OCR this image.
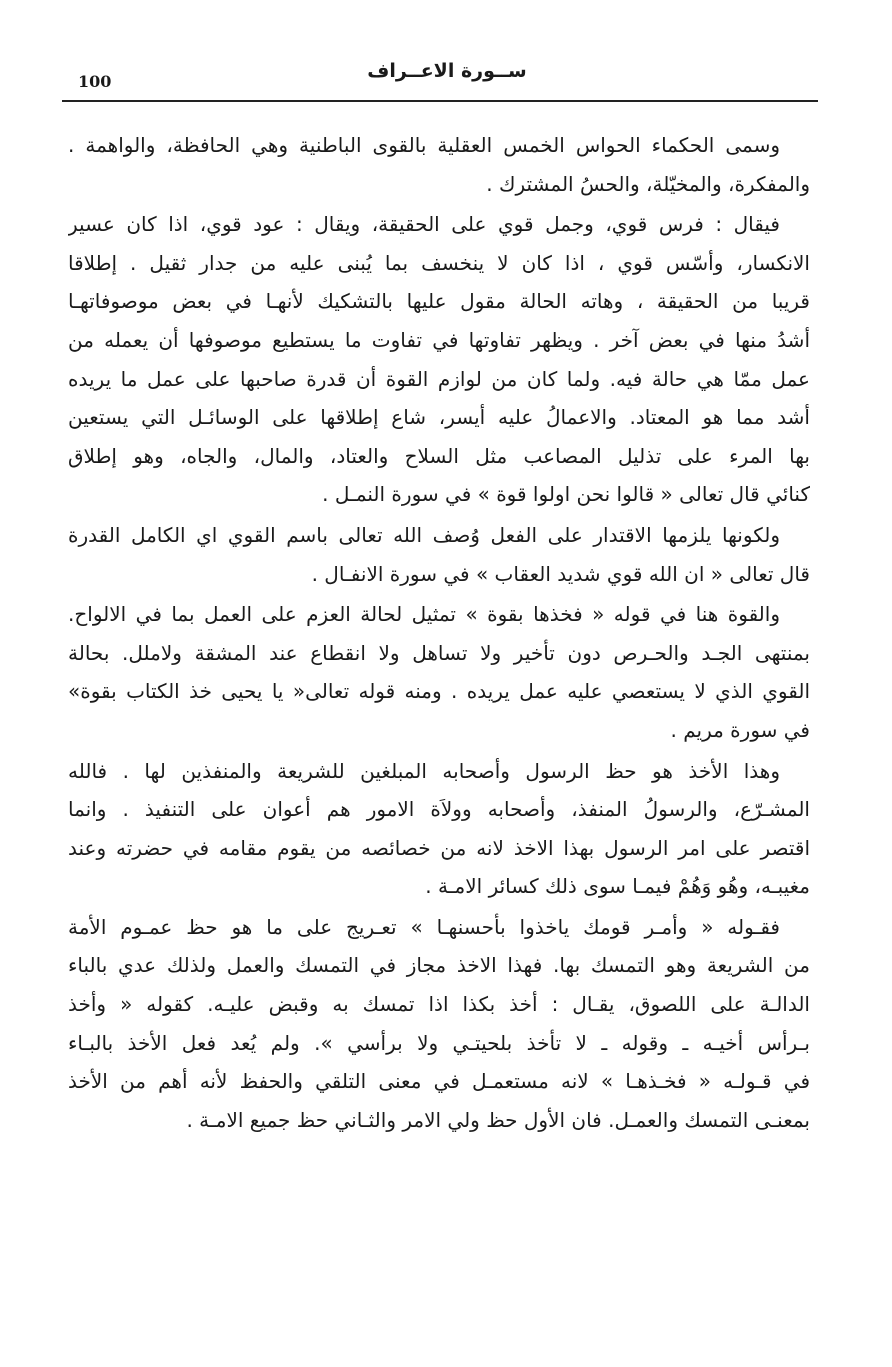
100	ســورة الاعــراف
وسمى الحكماء الحواس الخمس العقلية بالقوى الباطنية وهي الحافظة، والواهمة .
والمفكرة، والمخيّلة، والحسُ المشترك .
فيقال : فرس قوي، وجمل قوي على الحقيقة، ويقال : عود قوي، اذا كان عسير
الانكسار، وأسّس قوي ، اذا كان لا ينخسف بما يُبنى عليه من جدار ثقيل . إطلاقا
قريبا من الحقيقة ، وهاته الحالة مقول عليها بالتشكيك لأنهـا في بعض موصوفاتهـا
أشدُ منها في بعض آخر . ويظهر تفاوتها في تفاوت ما يستطيع موصوفها أن يعمله من
عمل ممّا هي حالة فيه. ولما كان من لوازم القوة أن قدرة صاحبها على عمل ما يريده
أشد مما هو المعتاد. والاعمالُ عليه أيسر، شاع إطلاقها على الوسائـل التي يستعين
بها المرء على تذليل المصاعب مثل السلاح والعتاد، والمال، والجاه، وهو إطلاق
كنائي قال تعالى « قالوا نحن اولوا قوة » في سورة النمـل .
ولكونها يلزمها الاقتدار على الفعل وُصف الله تعالى باسم القوي اي الكامل القدرة
قال تعالى « ان الله قوي شديد العقاب » في سورة الانفـال .
والقوة هنا في قوله « فخذها بقوة » تمثيل لحالة العزم على العمل بما في الالواح.
بمنتهى الجـد والحـرص دون تأخير ولا تساهل ولا انقطاع عند المشقة ولاملل. بحالة
القوي الذي لا يستعصي عليه عمل يريده . ومنه قوله تعالى« يا يحيى خذ الكتاب بقوة»
في سورة مريم .
وهذا الأخذ هو حظ الرسول وأصحابه المبلغين للشريعة والمنفذين لها . فالله
المشـرّع، والرسولُ المنفذ، وأصحابه وولاَة الامور هم أعوان على التنفيذ . وانما
اقتصر على امر الرسول بهذا الاخذ لانه من خصائصه من يقوم مقامه في حضرته وعند
مغيبـه، وهُو وَهُمْ فيمـا سوى ذلك كسائر الامـة .
فقـوله « وأمـر قومك ياخذوا بأحسنهـا » تعـريج على ما هو حظ عمـوم الأمة
من الشريعة وهو التمسك بها. فهذا الاخذ مجاز في التمسك والعمل ولذلك عدي بالباء
الدالـة على اللصوق، يقـال : أخذ بكذا اذا تمسك به وقبض عليـه. كقوله « وأخذ
بـرأس أخيـه ـ وقوله ـ لا تأخذ بلحيتـي ولا برأسي ». ولم يُعد فعل الأخذ بالبـاء
في قـولـه « فخـذهـا » لانه مستعمـل في معنى التلقي والحفظ لأنه أهم من الأخذ
بمعنـى التمسك والعمـل. فان الأول حظ ولي الامر والثـاني حظ جميع الامـة .
